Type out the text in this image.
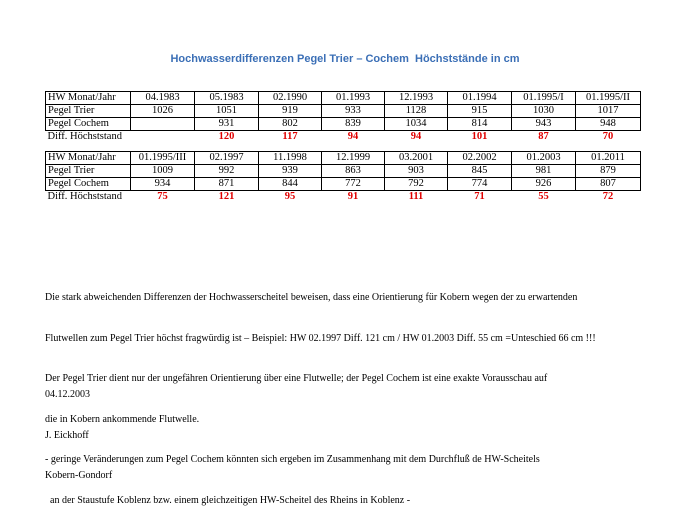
Hochwasserdifferenzen Pegel Trier – Cochem  Höchststände in cm
HW Monat/Jahr	04.1983	05.1983	02.1990	01.1993	12.1993	01.1994	01.1995/I	01.1995/II
Pegel Trier	1026	1051	919	933	1128	915	1030	1017
Pegel Cochem		931	802	839	1034	814	943	948
Diff. Höchststand		120	117	94	94	101	87	70
HW Monat/Jahr	01.1995/III	02.1997	11.1998	12.1999	03.2001	02.2002	01.2003	01.2011
Pegel Trier	1009	992	939	863	903	845	981	879
Pegel Cochem	934	871	844	772	792	774	926	807
Diff. Höchststand	75	121	95	91	111	71	55	72

Die stark abweichenden Differenzen der Hochwasserscheitel beweisen, dass eine Orientierung für Kobern wegen der zu erwartenden

Flutwellen zum Pegel Trier höchst fragwürdig ist – Beispiel: HW 02.1997 Diff. 121 cm / HW 01.2003 Diff. 55 cm =Unteschied 66 cm !!!

Der Pegel Trier dient nur der ungefähren Orientierung über eine Flutwelle; der Pegel Cochem ist eine exakte Vorausschau auf

die in Kobern ankommende Flutwelle.

- geringe Veränderungen zum Pegel Cochem könnten sich ergeben im Zusammenhang mit dem Durchfluß de HW-Scheitels

an der Staustufe Koblenz bzw. einem gleichzeitigen HW-Scheitel des Rheins in Koblenz -

04.12.2003

J. Eickhoff

Kobern-Gondorf
